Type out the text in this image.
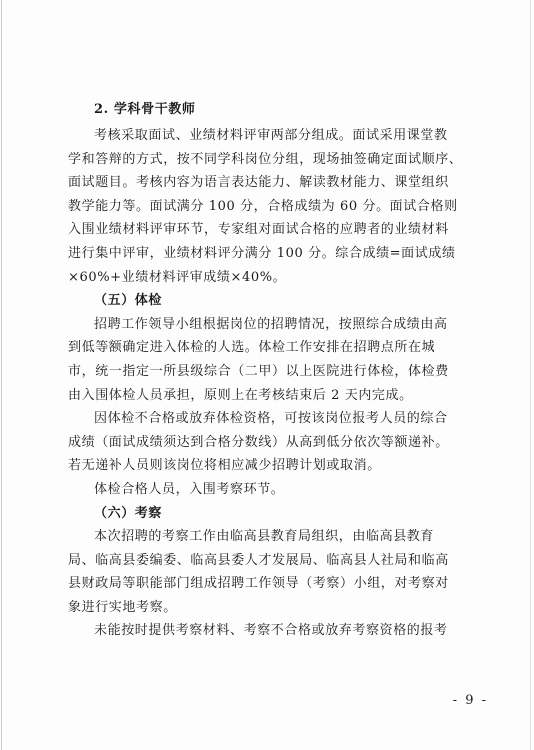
2. 学科骨干教师
考核采取面试、业绩材料评审两部分组成。面试采用课堂教
学和答辩的方式，按不同学科岗位分组，现场抽签确定面试顺序、
面试题目。考核内容为语言表达能力、解读教材能力、课堂组织
教学能力等。面试满分 100 分，合格成绩为 60 分。面试合格则
入围业绩材料评审环节，专家组对面试合格的应聘者的业绩材料
进行集中评审，业绩材料评分满分 100 分。综合成绩=面试成绩
×60%+业绩材料评审成绩×40%。
（五）体检
招聘工作领导小组根据岗位的招聘情况，按照综合成绩由高
到低等额确定进入体检的人选。体检工作安排在招聘点所在城
市，统一指定一所县级综合（二甲）以上医院进行体检，体检费
由入围体检人员承担，原则上在考核结束后 2 天内完成。
因体检不合格或放弃体检资格，可按该岗位报考人员的综合
成绩（面试成绩须达到合格分数线）从高到低分依次等额递补。
若无递补人员则该岗位将相应减少招聘计划或取消。
体检合格人员，入围考察环节。
（六）考察
本次招聘的考察工作由临高县教育局组织，由临高县教育
局、临高县委编委、临高县委人才发展局、临高县人社局和临高
县财政局等职能部门组成招聘工作领导（考察）小组，对考察对
象进行实地考察。
未能按时提供考察材料、考察不合格或放弃考察资格的报考
- 9 -
